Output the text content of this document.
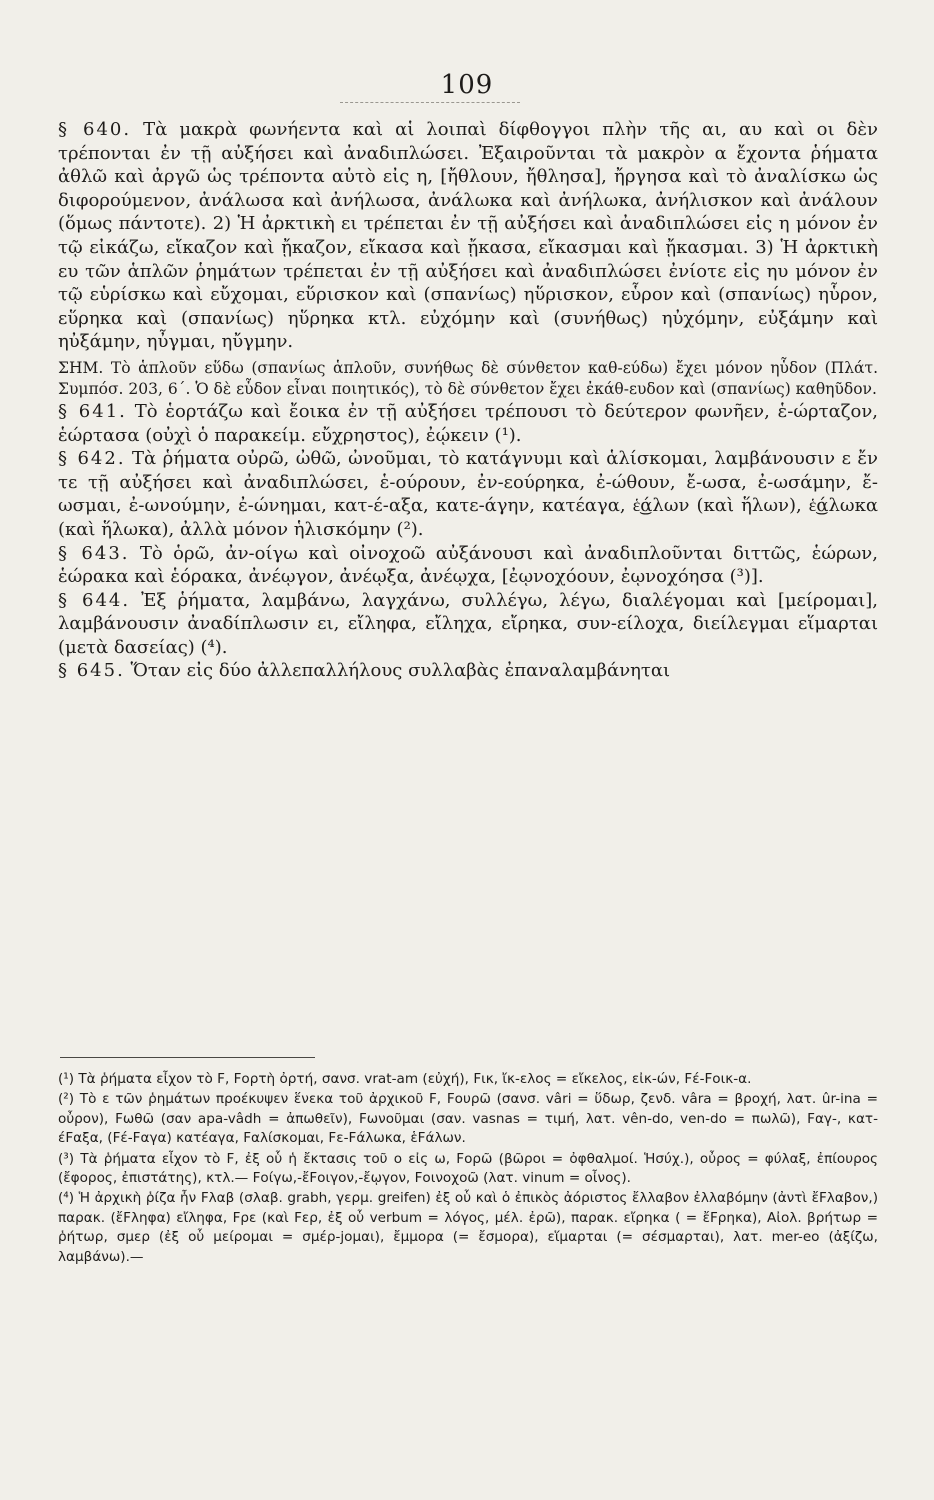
109

§ 640. Τὰ μακρὰ φωνήεντα καὶ αἱ λοιπαὶ δίφθογγοι πλὴν τῆς αι, αυ καὶ οι δὲν τρέπονται ἐν τῇ αὐξήσει καὶ ἀναδιπλώσει. Ἐξαιροῦνται τὰ μακρὸν α ἔχοντα ῥήματα ἀθλῶ καὶ ἀργῶ ὡς τρέποντα αὐτὸ εἰς η, [ἤθλουν, ἤθλησα], ἤργησα καὶ τὸ ἀναλίσκω ὡς διφορούμενον, ἀνάλωσα καὶ ἀνήλωσα, ἀνάλωκα καὶ ἀνήλωκα, ἀνήλισκον καὶ ἀνάλουν (ὅμως πάντοτε). 2) Ἡ ἀρκτικὴ ει τρέπεται ἐν τῇ αὐξήσει καὶ ἀναδιπλώσει εἰς η μόνον ἐν τῷ εἰκάζω, εἴκαζον καὶ ᾔκαζον, εἴκασα καὶ ᾔκασα, εἴκασμαι καὶ ᾔκασμαι. 3) Ἡ ἀρκτικὴ ευ τῶν ἁπλῶν ῥημάτων τρέπεται ἐν τῇ αὐξήσει καὶ ἀναδιπλώσει ἐνίοτε εἰς ηυ μόνον ἐν τῷ εὑρίσκω καὶ εὔχομαι, εὕρισκον καὶ (σπανίως) ηὕρισκον, εὗρον καὶ (σπανίως) ηὗρον, εὕρηκα καὶ (σπανίως) ηὕρηκα κτλ. εὐχόμην καὶ (συνήθως) ηὐχόμην, εὐξάμην καὶ ηὐξάμην, ηὖγμαι, ηὔγμην.

ΣΗΜ. Τὸ ἁπλοῦν εὕδω (σπανίως ἁπλοῦν, συνήθως δὲ σύνθετον καθ-εύδω) ἔχει μόνον ηὗδον (Πλάτ. Συμπόσ. 203, 6΄. Ὁ δὲ εὗδον εἶναι ποιητικός), τὸ δὲ σύνθετον ἔχει ἐκάθ-ευδον καὶ (σπανίως) καθηῦδον.

§ 641. Τὸ ἑορτάζω καὶ ἔοικα ἐν τῇ αὐξήσει τρέπουσι τὸ δεύτερον φωνῆεν, ἑ-ώρταζον, ἑώρτασα (οὐχὶ ὁ παρακείμ. εὔχρηστος), ἐῴκειν (¹).

§ 642. Τὰ ῥήματα οὐρῶ, ὠθῶ, ὠνοῦμαι, τὸ κατάγνυμι καὶ ἁλίσκομαι, λαμβάνουσιν ε ἔν τε τῇ αὐξήσει καὶ ἀναδιπλώσει, ἑ-ούρουν, ἐν-εούρηκα, ἐ-ώθουν, ἔ-ωσα, ἐ-ωσάμην, ἔ-ωσμαι, ἐ-ωνούμην, ἐ-ώνημαι, κατ-έ-αξα, κατε-άγην, κατέαγα, ἑ͜άλων (καὶ ἥλων), ἑ͜άλωκα (καὶ ἥλωκα), ἀλλὰ μόνον ἡλισκόμην (²).

§ 643. Τὸ ὁρῶ, ἀν-οίγω καὶ οἰνοχοῶ αὐξάνουσι καὶ ἀναδιπλοῦνται διττῶς, ἑώρων, ἑώρακα καὶ ἑόρακα, ἀνέῳγον, ἀνέῳξα, ἀνέῳχα, [ἐῳνοχόουν, ἐῳνοχόησα (³)].

§ 644. Ἐξ ῥήματα, λαμβάνω, λαγχάνω, συλλέγω, λέγω, διαλέγομαι καὶ [μείρομαι], λαμβάνουσιν ἀναδίπλωσιν ει, εἴληφα, εἴληχα, εἴρηκα, συν-είλοχα, διείλεγμαι εἵμαρται (μετὰ δασείας) (⁴).

§ 645. Ὅταν εἰς δύο ἀλλεπαλλήλους συλλαβὰς ἐπαναλαμβάνηται

(¹) Τὰ ῥήματα εἶχον τὸ F, Fορτὴ ὀρτή, σανσ. vrat-am (εὐχή), Fικ, ἴκ-ελος = εἴκελος, εἰκ-ών, Fέ-Fοικ-α.

(²) Τὸ ε τῶν ῥημάτων προέκυψεν ἕνεκα τοῦ ἀρχικοῦ F, Fουρῶ (σανσ. vâri = ὕδωρ, ζενδ. vâra = βροχή, λατ. ûr-ina = οὖρον), Fωθῶ (σαν apa-vâdh = ἀπωθεῖν), Fωνοῦμαι (σαν. vasnas = τιμή, λατ. vên-do, ven-do = πωλῶ), Fαγ-, κατ-έFαξα, (Fέ-Fαγα) κατέαγα, Fαλίσκομαι, Fε-Fάλωκα, ἑFάλων.

(³) Τὰ ῥήματα εἶχον τὸ F, ἐξ οὗ ἡ ἔκτασις τοῦ ο εἰς ω, Fορῶ (βῶροι = ὀφθαλμοί. Ἡσύχ.), οὖρος = φύλαξ, ἐπίουρος (ἔφορος, ἐπιστάτης), κτλ.— Fοίγω,-ἔFοιγον,-ἔῳγον, Fοινοχοῶ (λατ. vinum = οἶνος).

(⁴) Ἡ ἀρχικὴ ῥίζα ἦν Fλαβ (σλαβ. grabh, γερμ. greifen) ἐξ οὗ καὶ ὁ ἐπικὸς ἀόριστος ἔλλαβον ἐλλαβόμην (ἀντὶ ἔFλαβον,) παρακ. (ἔFληφα) εἴληφα, Fρε (καὶ Fερ, ἐξ οὗ verbum = λόγος, μέλ. ἐρῶ), παρακ. εἴρηκα ( = ἔFρηκα), Αἰολ. βρήτωρ = ῥήτωρ, σμερ (ἐξ οὗ μείρομαι = σμέρ-jομαι), ἔμμορα (= ἔσμορα), εἵμαρται (= σέσμαρται), λατ. mer-eo (ἀξίζω, λαμβάνω).—
